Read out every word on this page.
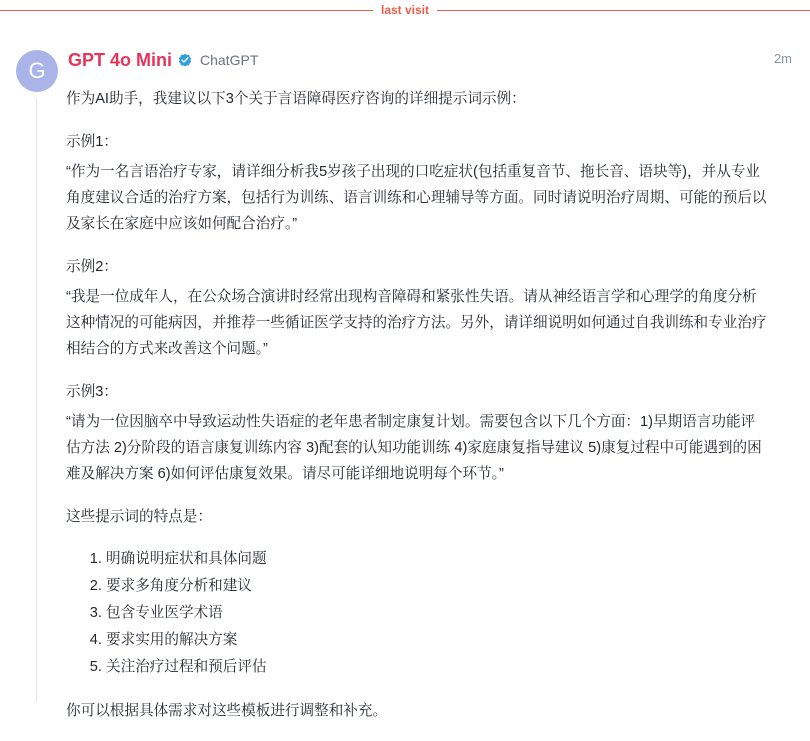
last visit
G	GPT 4o Mini ChatGPT	2m

作为AI助手，我建议以下3个关于言语障碍医疗咨询的详细提示词示例：

示例1：

“作为一名言语治疗专家，请详细分析我5岁孩子出现的口吃症状(包括重复音节、拖长音、语块等)，并从专业角度建议合适的治疗方案，包括行为训练、语言训练和心理辅导等方面。同时请说明治疗周期、可能的预后以及家长在家庭中应该如何配合治疗。”

示例2：

“我是一位成年人，在公众场合演讲时经常出现构音障碍和紧张性失语。请从神经语言学和心理学的角度分析这种情况的可能病因，并推荐一些循证医学支持的治疗方法。另外，请详细说明如何通过自我训练和专业治疗相结合的方式来改善这个问题。”

示例3：

“请为一位因脑卒中导致运动性失语症的老年患者制定康复计划。需要包含以下几个方面：1)早期语言功能评估方法 2)分阶段的语言康复训练内容 3)配套的认知功能训练 4)家庭康复指导建议 5)康复过程中可能遇到的困难及解决方案 6)如何评估康复效果。请尽可能详细地说明每个环节。”

这些提示词的特点是：

1. 明确说明症状和具体问题
2. 要求多角度分析和建议
3. 包含专业医学术语
4. 要求实用的解决方案
5. 关注治疗过程和预后评估

你可以根据具体需求对这些模板进行调整和补充。
